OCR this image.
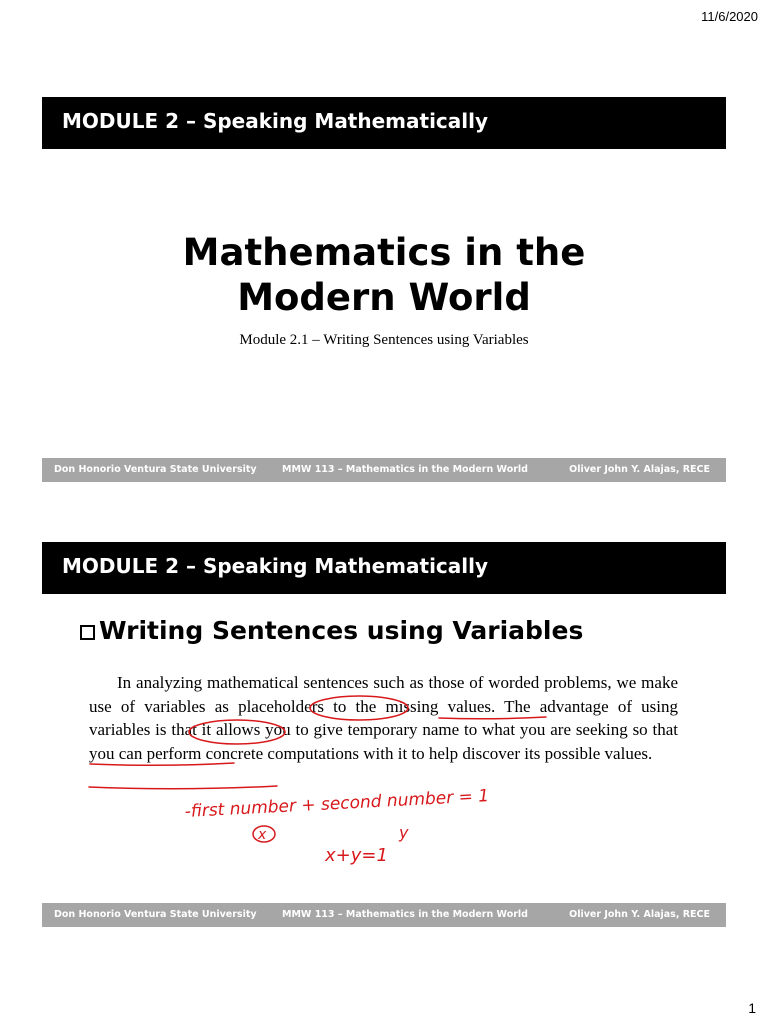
11/6/2020
MODULE 2 – Speaking Mathematically
Mathematics in the
Modern World
Module 2.1 – Writing Sentences using Variables
Don Honorio Ventura State University	MMW 113 – Mathematics in the Modern World	Oliver John Y. Alajas, RECE
MODULE 2 – Speaking Mathematically
Writing Sentences using Variables
In analyzing mathematical sentences such as those of worded problems, we make use of variables as placeholders to the missing values. The advantage of using variables is that it allows you to give temporary name to what you are seeking so that you can perform concrete computations with it to help discover its possible values.
-first number + second number = 1
x	y
x+y=1
Don Honorio Ventura State University	MMW 113 – Mathematics in the Modern World	Oliver John Y. Alajas, RECE
1
